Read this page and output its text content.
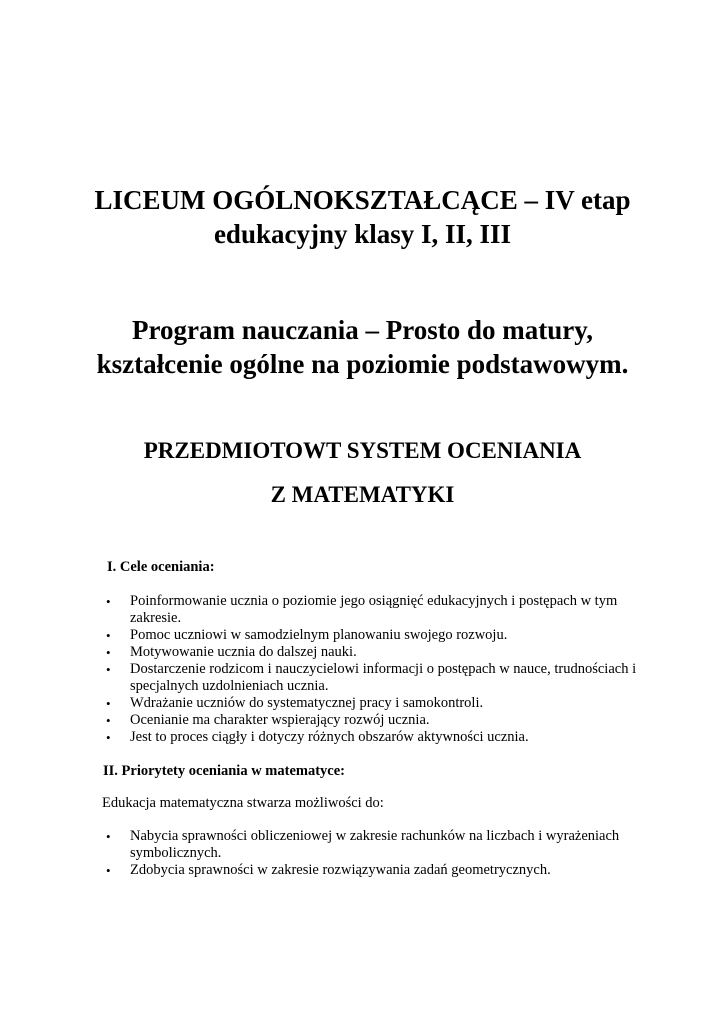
LICEUM OGÓLNOKSZTAŁCĄCE – IV etap
edukacyjny klasy I, II, III
Program nauczania – Prosto do matury,
kształcenie ogólne na poziomie podstawowym.
PRZEDMIOTOWT SYSTEM OCENIANIA
Z MATEMATYKI
I. Cele oceniania:
• Poinformowanie ucznia o poziomie jego osiągnięć edukacyjnych i postępach w tym zakresie.
• Pomoc uczniowi w samodzielnym planowaniu swojego rozwoju.
• Motywowanie ucznia do dalszej nauki.
• Dostarczenie rodzicom i nauczycielowi informacji o postępach w nauce, trudnościach i specjalnych uzdolnieniach ucznia.
• Wdrażanie uczniów do systematycznej pracy i samokontroli.
• Ocenianie ma charakter wspierający rozwój ucznia.
• Jest to proces ciągły i dotyczy różnych obszarów aktywności ucznia.
II. Priorytety oceniania w matematyce:

Edukacja matematyczna stwarza możliwości do:

• Nabycia sprawności obliczeniowej w zakresie rachunków na liczbach i wyrażeniach symbolicznych.
• Zdobycia sprawności w zakresie rozwiązywania zadań geometrycznych.
